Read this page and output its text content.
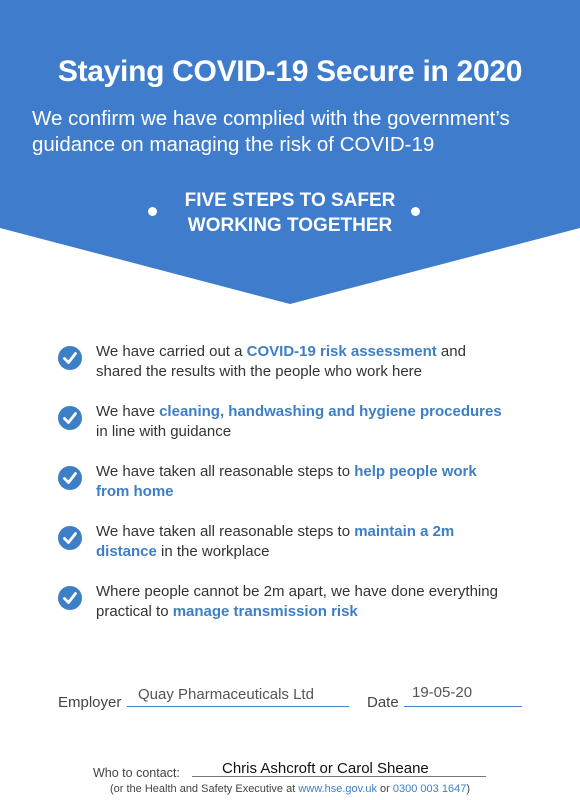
Staying COVID-19 Secure in 2020
We confirm we have complied with the government’s guidance on managing the risk of COVID-19
FIVE STEPS TO SAFER
WORKING TOGETHER
We have carried out a COVID-19 risk assessment and
shared the results with the people who work here
We have cleaning, handwashing and hygiene procedures
in line with guidance
We have taken all reasonable steps to help people work
from home
We have taken all reasonable steps to maintain a 2m
distance in the workplace
Where people cannot be 2m apart, we have done everything
practical to manage transmission risk
Employer Quay Pharmaceuticals Ltd	Date
19-05-20
Who to contact:	Chris Ashcroft or Carol Sheane
(or the Health and Safety Executive at www.hse.gov.uk or 0300 003 1647)
